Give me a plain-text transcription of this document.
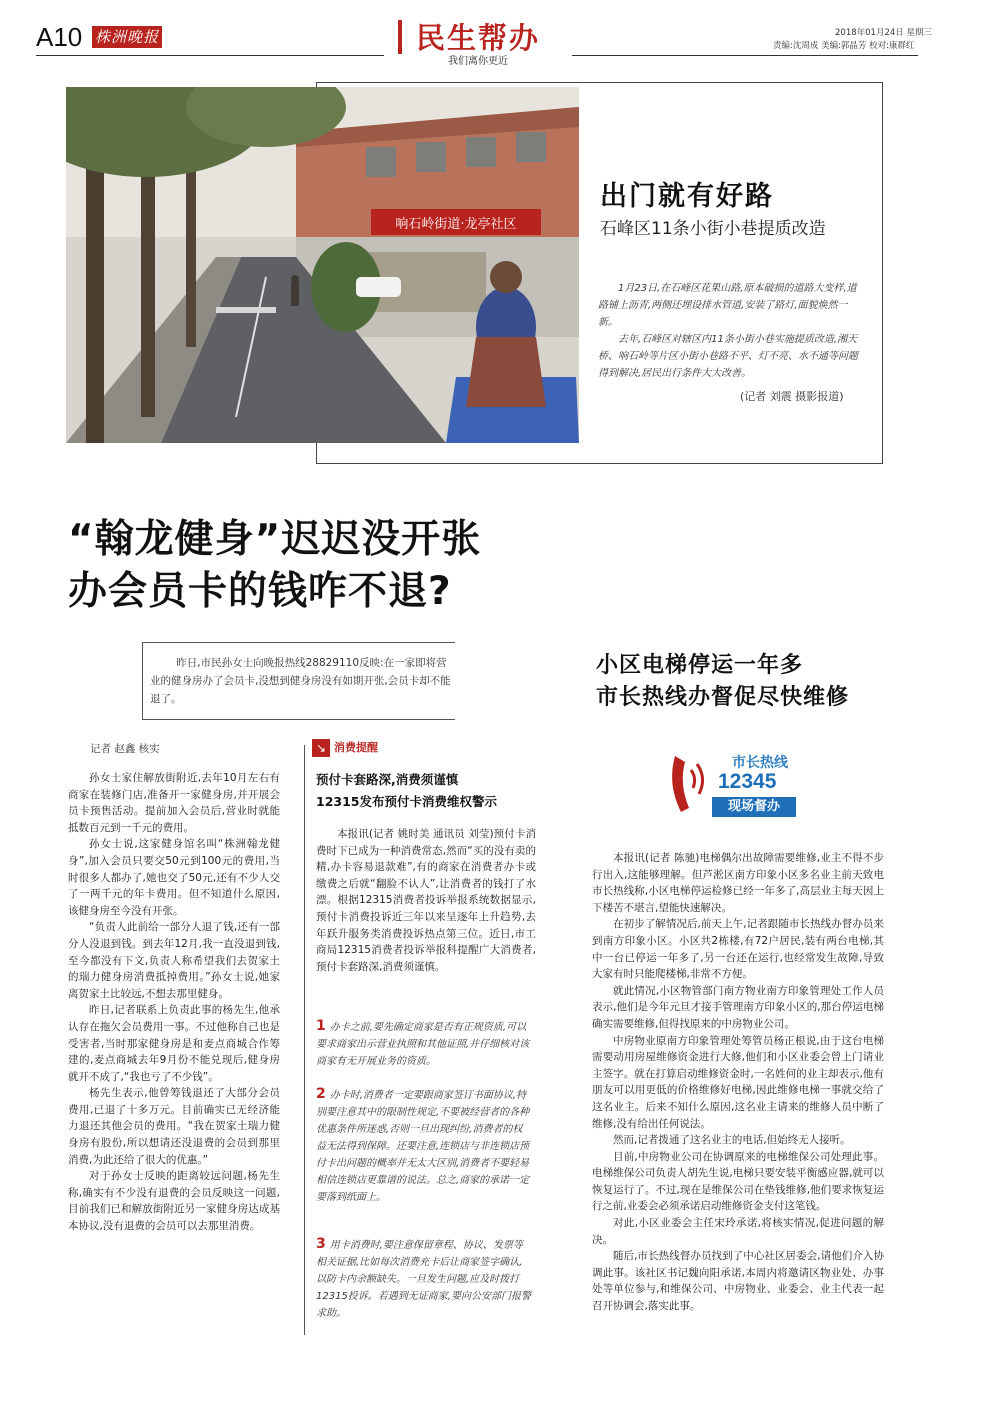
A10 株洲晚报	民生帮办
我们离你更近
2018年01月24日 星期三
责编:沈周成 美编:郭晶芳 校对:康群红
响石岭街道·龙亭社区
出门就有好路
石峰区11条小街小巷提质改造

1月23日,在石峰区花果山路,原本破损的道路大变样,道路铺上沥青,两侧还埋设排水管道,安装了路灯,面貌焕然一新。

去年,石峰区对辖区内11条小街小巷实施提质改造,湘天桥、响石岭等片区小街小巷路不平、灯不亮、水不通等问题得到解决,居民出行条件大大改善。

(记者 刘震 摄影报道)
“翰龙健身”迟迟没开张
办会员卡的钱咋不退?

昨日,市民孙女士向晚报热线28829110反映:在一家即将营业的健身房办了会员卡,没想到健身房没有如期开张,会员卡却不能退了。

记者 赵鑫 核实

孙女士家住解放街附近,去年10月左右有商家在装修门店,准备开一家健身房,并开展会员卡预售活动。提前加入会员后,营业时就能抵数百元到一千元的费用。

孙女士说,这家健身馆名叫“株洲翰龙健身”,加入会员只要交50元到100元的费用,当时很多人都办了,她也交了50元,还有不少人交了一两千元的年卡费用。但不知道什么原因,该健身房至今没有开张。

“负责人此前给一部分人退了钱,还有一部分人没退到钱。到去年12月,我一直没退到钱,至今都没有下文,负责人称希望我们去贺家土的瑞力健身房消费抵掉费用。”孙女士说,她家离贺家土比较远,不想去那里健身。

昨日,记者联系上负责此事的杨先生,他承认存在拖欠会员费用一事。不过他称自己也是受害者,当时那家健身房是和麦点商城合作筹建的,麦点商城去年9月份不能兑现后,健身房就开不成了,“我也亏了不少钱”。

杨先生表示,他曾筹钱退还了大部分会员费用,已退了十多万元。目前确实已无经济能力退还其他会员的费用。“我在贺家土瑞力健身房有股份,所以想请还没退费的会员到那里消费,为此还给了很大的优惠。”

对于孙女士反映的距离较远问题,杨先生称,确实有不少没有退费的会员反映这一问题,目前我们已和解放街附近另一家健身房达成基本协议,没有退费的会员可以去那里消费。

↘ 消费提醒
预付卡套路深,消费须谨慎
12315发布预付卡消费维权警示

本报讯(记者 姚时美 通讯员 刘莹)预付卡消费时下已成为一种消费常态,然而“买的没有卖的精,办卡容易退款难”,有的商家在消费者办卡或缴费之后就“翻脸不认人”,让消费者的钱打了水漂。根据12315消费者投诉举报系统数据显示,预付卡消费投诉近三年以来呈逐年上升趋势,去年跃升服务类消费投诉热点第三位。近日,市工商局12315消费者投诉举报科提醒广大消费者,预付卡套路深,消费须谨慎。

1 办卡之前,要先确定商家是否有正规资质,可以要求商家出示营业执照和其他证照,并仔细核对该商家有无开展业务的资质。
2 办卡时,消费者一定要跟商家签订书面协议,特别要注意其中的限制性规定,不要被经营者的各种优惠条件所迷惑,否则一旦出现纠纷,消费者的权益无法得到保障。还要注意,连锁店与非连锁店预付卡出问题的概率并无太大区别,消费者不要轻易相信连锁店更靠谱的说法。总之,商家的承诺一定要落到纸面上。
3 用卡消费时,要注意保留章程、协议、发票等相关证据,比如每次消费充卡后让商家签字确认,以防卡内余额缺失。一旦发生问题,应及时拨打12315投诉。若遇到无证商家,要向公安部门报警求助。
小区电梯停运一年多
市长热线办督促尽快维修
市长热线
12345
现场督办

本报讯(记者 陈驰)电梯偶尔出故障需要维修,业主不得不步行出入,这能够理解。但芦淞区南方印象小区多名业主前天致电市长热线称,小区电梯停运检修已经一年多了,高层业主每天因上下楼苦不堪言,望能快速解决。

在初步了解情况后,前天上午,记者跟随市长热线办督办员来到南方印象小区。小区共2栋楼,有72户居民,装有两台电梯,其中一台已停运一年多了,另一台还在运行,也经常发生故障,导致大家有时只能爬楼梯,非常不方便。

就此情况,小区物管部门南方物业南方印象管理处工作人员表示,他们是今年元旦才接手管理南方印象小区的,那台停运电梯确实需要维修,但得找原来的中房物业公司。

中房物业原南方印象管理处筹管员杨正根说,由于这台电梯需要动用房屋维修资金进行大修,他们和小区业委会曾上门请业主签字。就在打算启动维修资金时,一名姓何的业主却表示,他有朋友可以用更低的价格维修好电梯,因此维修电梯一事就交给了这名业主。后来不知什么原因,这名业主请来的维修人员中断了维修,没有给出任何说法。

然而,记者拨通了这名业主的电话,但始终无人接听。

目前,中房物业公司在协调原来的电梯维保公司处理此事。电梯维保公司负责人胡先生说,电梯只要安装平衡感应器,就可以恢复运行了。不过,现在是维保公司在垫钱维修,他们要求恢复运行之前,业委会必须承诺启动维修资金支付这笔钱。

对此,小区业委会主任宋玲承诺,将核实情况,促进问题的解决。

随后,市长热线督办员找到了中心社区居委会,请他们介入协调此事。该社区书记魏向阳承诺,本周内将邀请区物业处、办事处等单位参与,和维保公司、中房物业、业委会、业主代表一起召开协调会,落实此事。
